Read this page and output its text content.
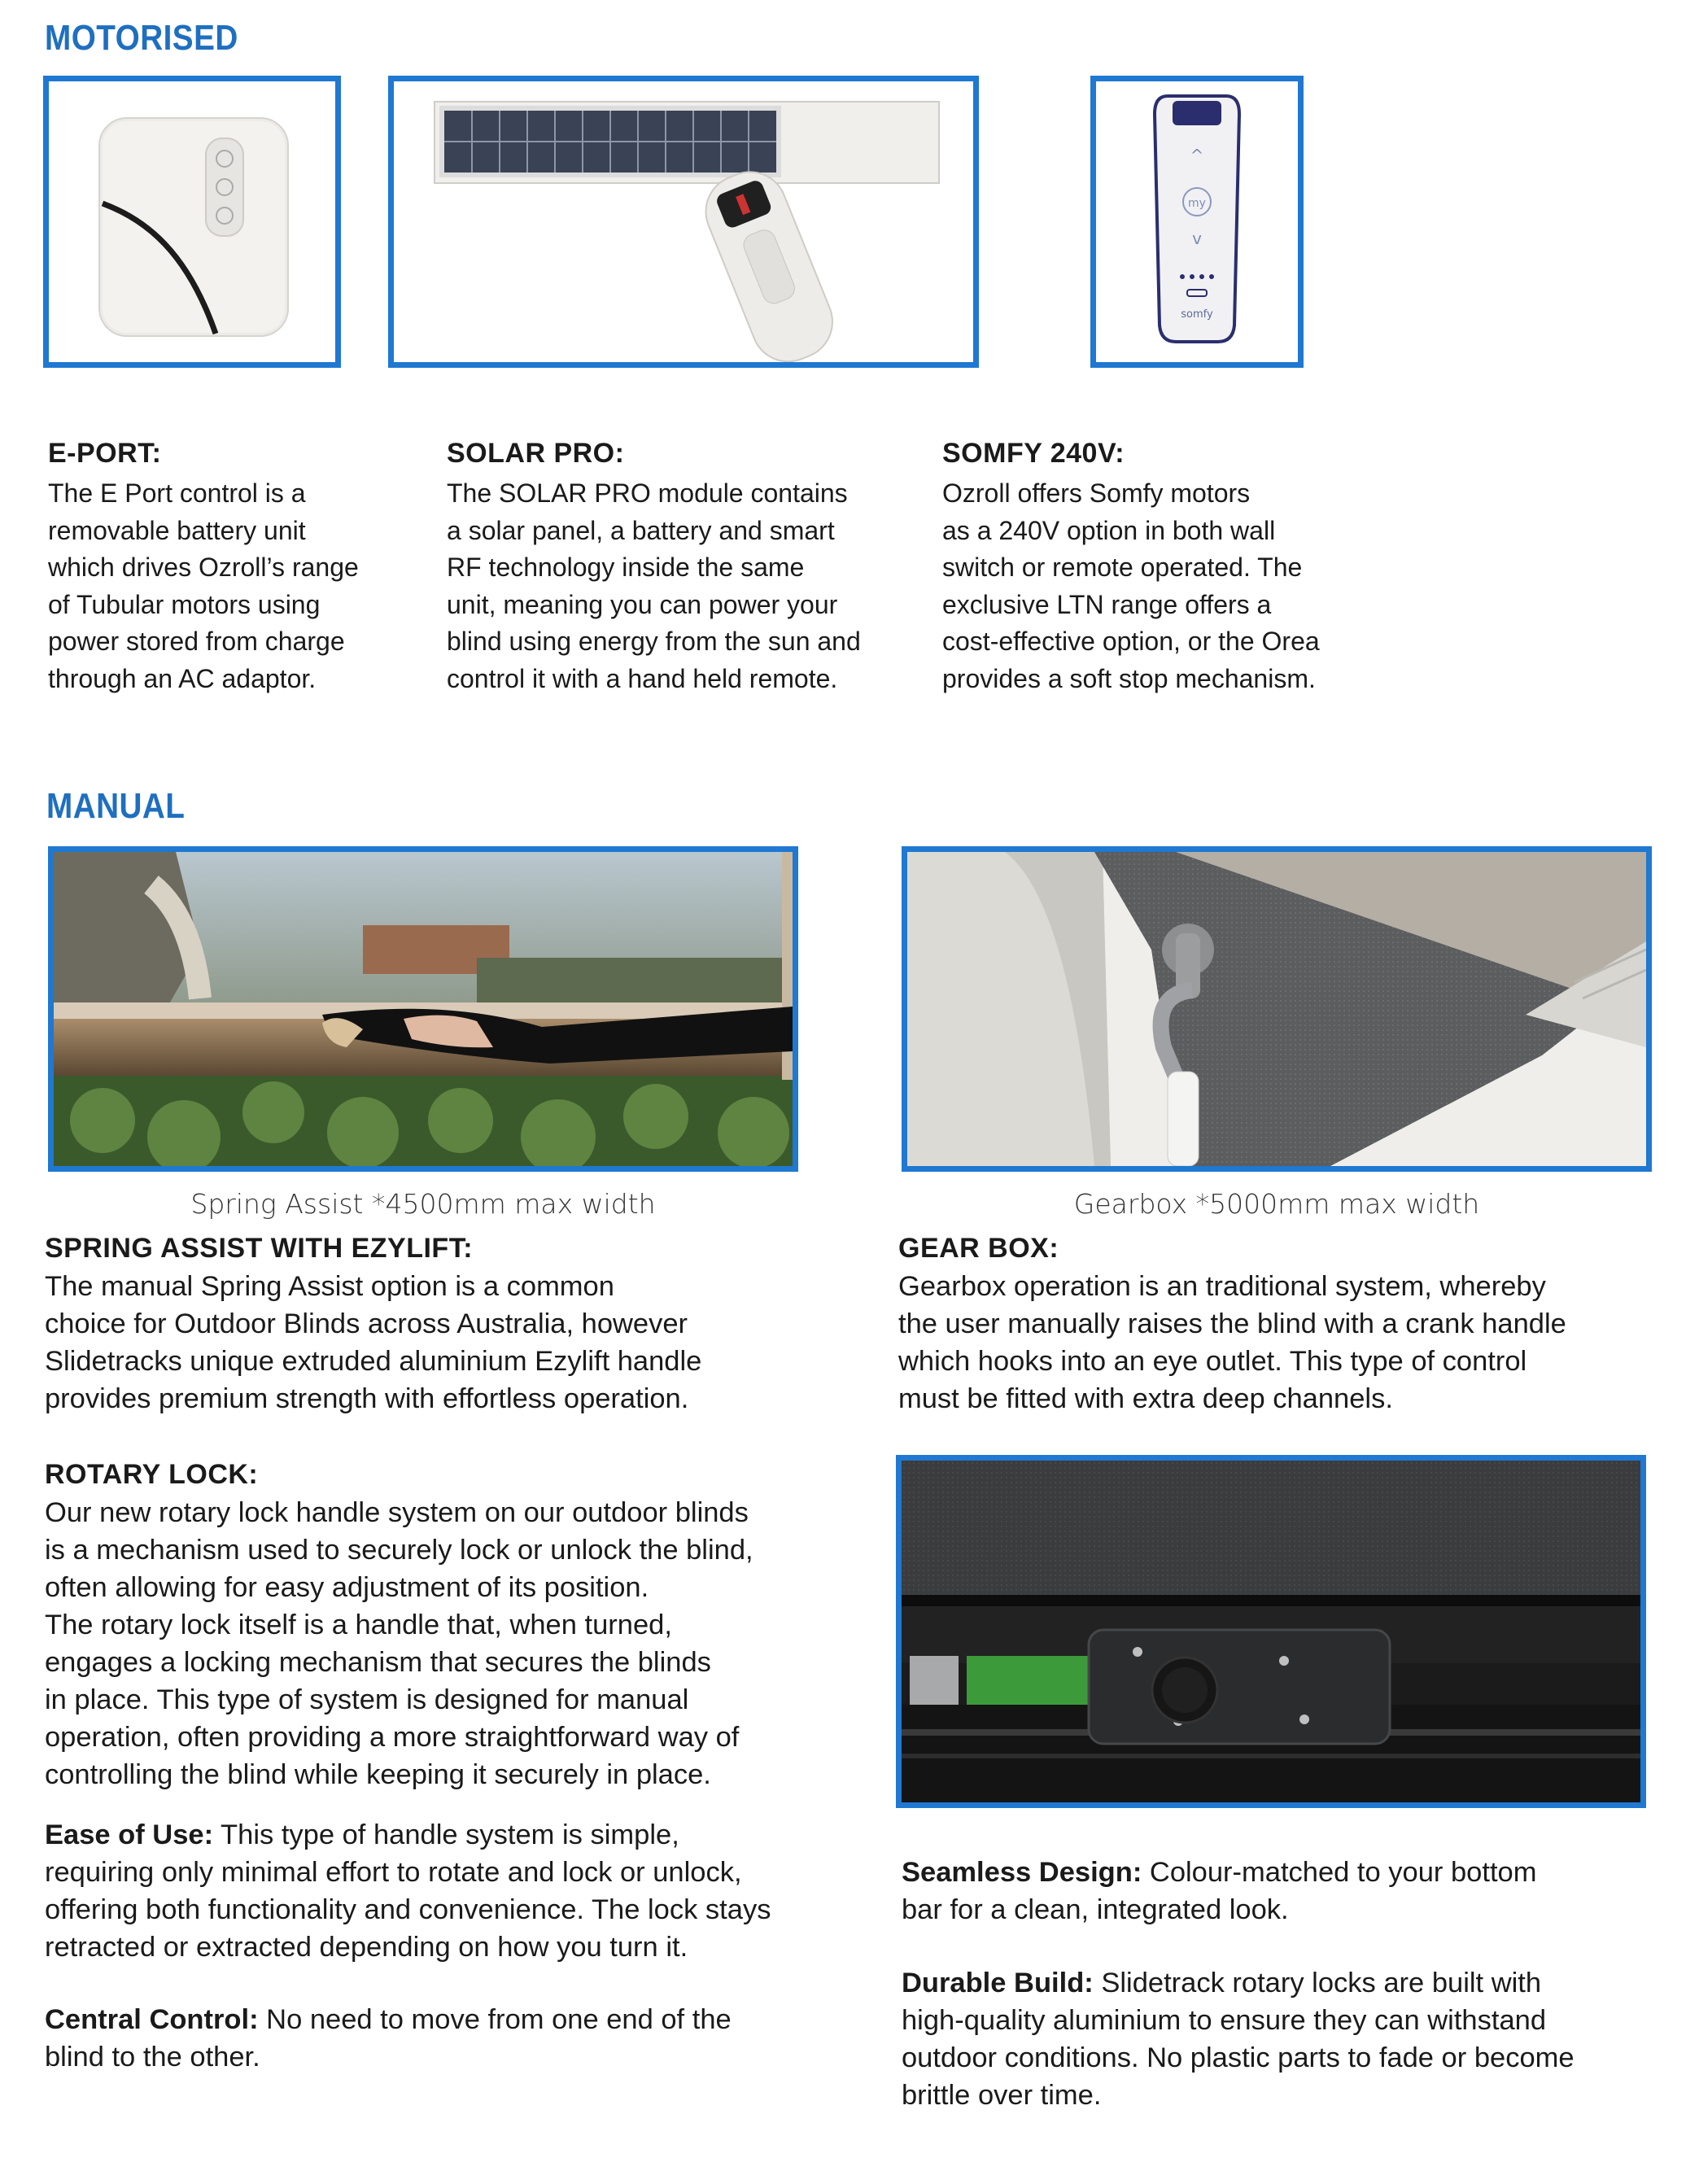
MOTORISED
^
my
v
somfy
E-PORT:
The E Port control is a
removable battery unit
which drives Ozroll’s range
of Tubular motors using
power stored from charge
through an AC adaptor.
SOLAR PRO:
The SOLAR PRO module contains
a solar panel, a battery and smart
RF technology inside the same
unit, meaning you can power your
blind using energy from the sun and
control it with a hand held remote.
SOMFY 240V:
Ozroll offers Somfy motors
as a 240V option in both wall
switch or remote operated. The
exclusive LTN range offers a
cost-effective option, or the Orea
provides a soft stop mechanism.
MANUAL
Spring Assist *4500mm max width	Gearbox *5000mm max width
SPRING ASSIST WITH EZYLIFT:
The manual Spring Assist option is a common
choice for Outdoor Blinds across Australia, however
Slidetracks unique extruded aluminium Ezylift handle
provides premium strength with effortless operation.
GEAR BOX:
Gearbox operation is an traditional system, whereby
the user manually raises the blind with a crank handle
which hooks into an eye outlet. This type of control
must be fitted with extra deep channels.
ROTARY LOCK:
Our new rotary lock handle system on our outdoor blinds
is a mechanism used to securely lock or unlock the blind,
often allowing for easy adjustment of its position.
The rotary lock itself is a handle that, when turned,
engages a locking mechanism that secures the blinds
in place. This type of system is designed for manual
operation, often providing a more straightforward way of
controlling the blind while keeping it securely in place.
Ease of Use: This type of handle system is simple,
requiring only minimal effort to rotate and lock or unlock,
offering both functionality and convenience. The lock stays
retracted or extracted depending on how you turn it.
Central Control: No need to move from one end of the
blind to the other.
Seamless Design: Colour-matched to your bottom
bar for a clean, integrated look.
Durable Build: Slidetrack rotary locks are built with
high-quality aluminium to ensure they can withstand
outdoor conditions. No plastic parts to fade or become
brittle over time.
